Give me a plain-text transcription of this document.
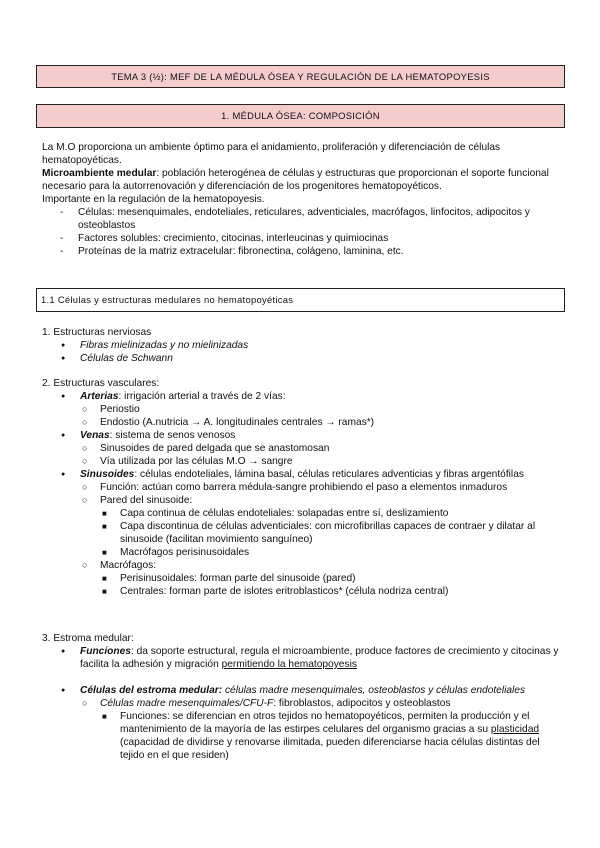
TEMA 3 (½): MEF DE LA MÉDULA ÓSEA Y REGULACIÓN DE LA HEMATOPOYESIS
1. MÉDULA ÓSEA: COMPOSICIÓN

La M.O proporciona un ambiente óptimo para el anidamiento, proliferación y diferenciación de células hematopoyéticas.

Microambiente medular: población heterogénea de células y estructuras que proporcionan el soporte funcional necesario para la autorrenovación y diferenciación de los progenitores hematopoyéticos.

Importante en la regulación de la hematopoyesis.

- Células: mesenquimales, endoteliales, reticulares, adventiciales, macrófagos, linfocitos, adipocitos y osteoblastos
- Factores solubles: crecimiento, citocinas, interleucinas y quimiocinas
- Proteínas de la matriz extracelular: fibronectina, colágeno, laminina, etc.
1.1 Células y estructuras medulares no hematopoyéticas

1. Estructuras nerviosas

● Fibras mielinizadas y no mielinizadas
● Células de Schwann

2. Estructuras vasculares:

● Arterias: irrigación arterial a través de 2 vías:
○ Periostio
○ Endostio (A.nutricia → A. longitudinales centrales → ramas*)
● Venas: sistema de senos venosos
○ Sinusoides de pared delgada que se anastomosan
○ Vía utilizada por las células M.O → sangre
● Sinusoides: células endoteliales, lámina basal, células reticulares adventicias y fibras argentófilas
○ Función: actúan como barrera médula-sangre prohibiendo el paso a elementos inmaduros
○ Pared del sinusoide:
■ Capa continua de células endoteliales: solapadas entre sí, deslizamiento
■ Capa discontinua de células adventiciales: con microfibrillas capaces de contraer y dilatar al sinusoide (facilitan movimiento sanguíneo)
■ Macrófagos perisinusoidales
○ Macrófagos:
■ Perisinusoidales: forman parte del sinusoide (pared)
■ Centrales: forman parte de islotes eritroblasticos* (célula nodriza central)

3. Estroma medular:

● Funciones: da soporte estructural, regula el microambiente, produce factores de crecimiento y citocinas y facilita la adhesión y migración permitiendo la hematopoyesis
● Células del estroma medular: células madre mesenquimales, osteoblastos y células endoteliales
○ Células madre mesenquimales/CFU-F: fibroblastos, adipocitos y osteoblastos
■ Funciones: se diferencian en otros tejidos no hematopoyéticos, permiten la producción y el mantenimiento de la mayoría de las estirpes celulares del organismo gracias a su plasticidad (capacidad de dividirse y renovarse ilimitada, pueden diferenciarse hacia células distintas del tejido en el que residen)
